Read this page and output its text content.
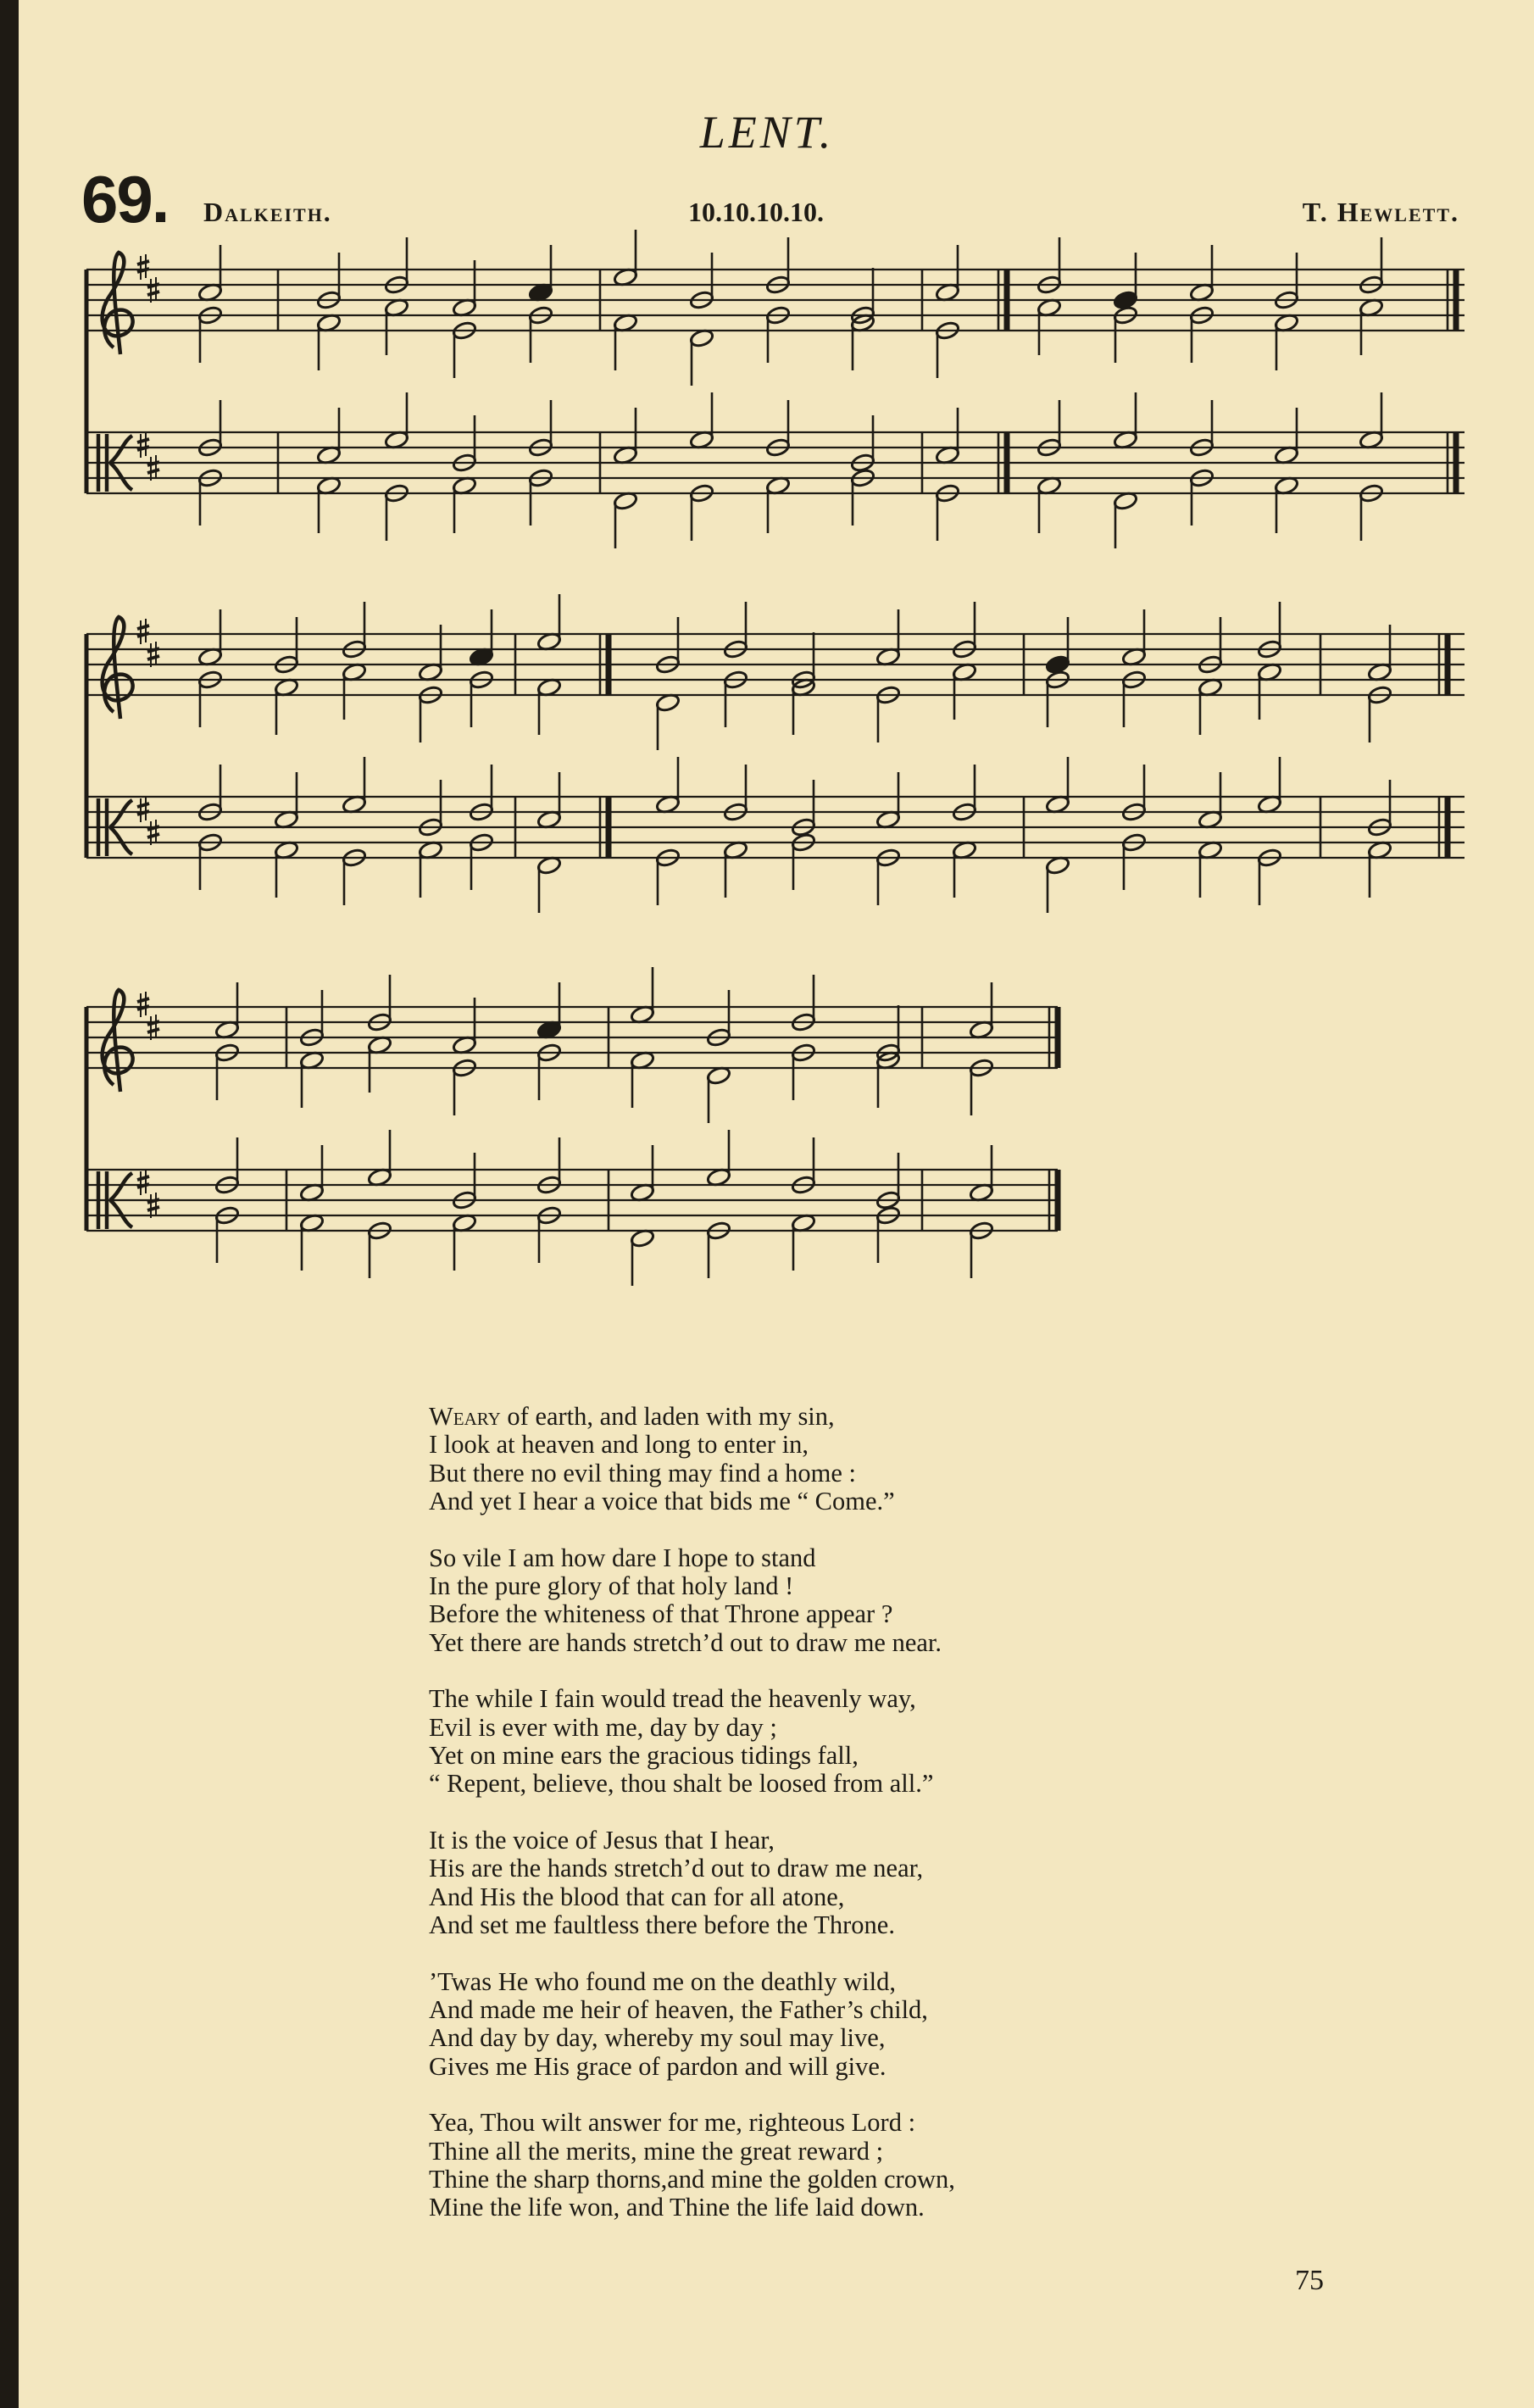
LENT.
69. Dalkeith.	10.10.10.10.	T. Hewlett.
Weary of earth, and laden with my sin,
I look at heaven and long to enter in,
But there no evil thing may find a home :
And yet I hear a voice that bids me “ Come.”
So vile I am how dare I hope to stand
In the pure glory of that holy land !
Before the whiteness of that Throne appear ?
Yet there are hands stretch’d out to draw me near.
The while I fain would tread the heavenly way,
Evil is ever with me, day by day ;
Yet on mine ears the gracious tidings fall,
“ Repent, believe, thou shalt be loosed from all.”
It is the voice of Jesus that I hear,
His are the hands stretch’d out to draw me near,
And His the blood that can for all atone,
And set me faultless there before the Throne.
’Twas He who found me on the deathly wild,
And made me heir of heaven, the Father’s child,
And day by day, whereby my soul may live,
Gives me His grace of pardon and will give.
Yea, Thou wilt answer for me, righteous Lord :
Thine all the merits, mine the great reward ;
Thine the sharp thorns,and mine the golden crown,
Mine the life won, and Thine the life laid down.
75
